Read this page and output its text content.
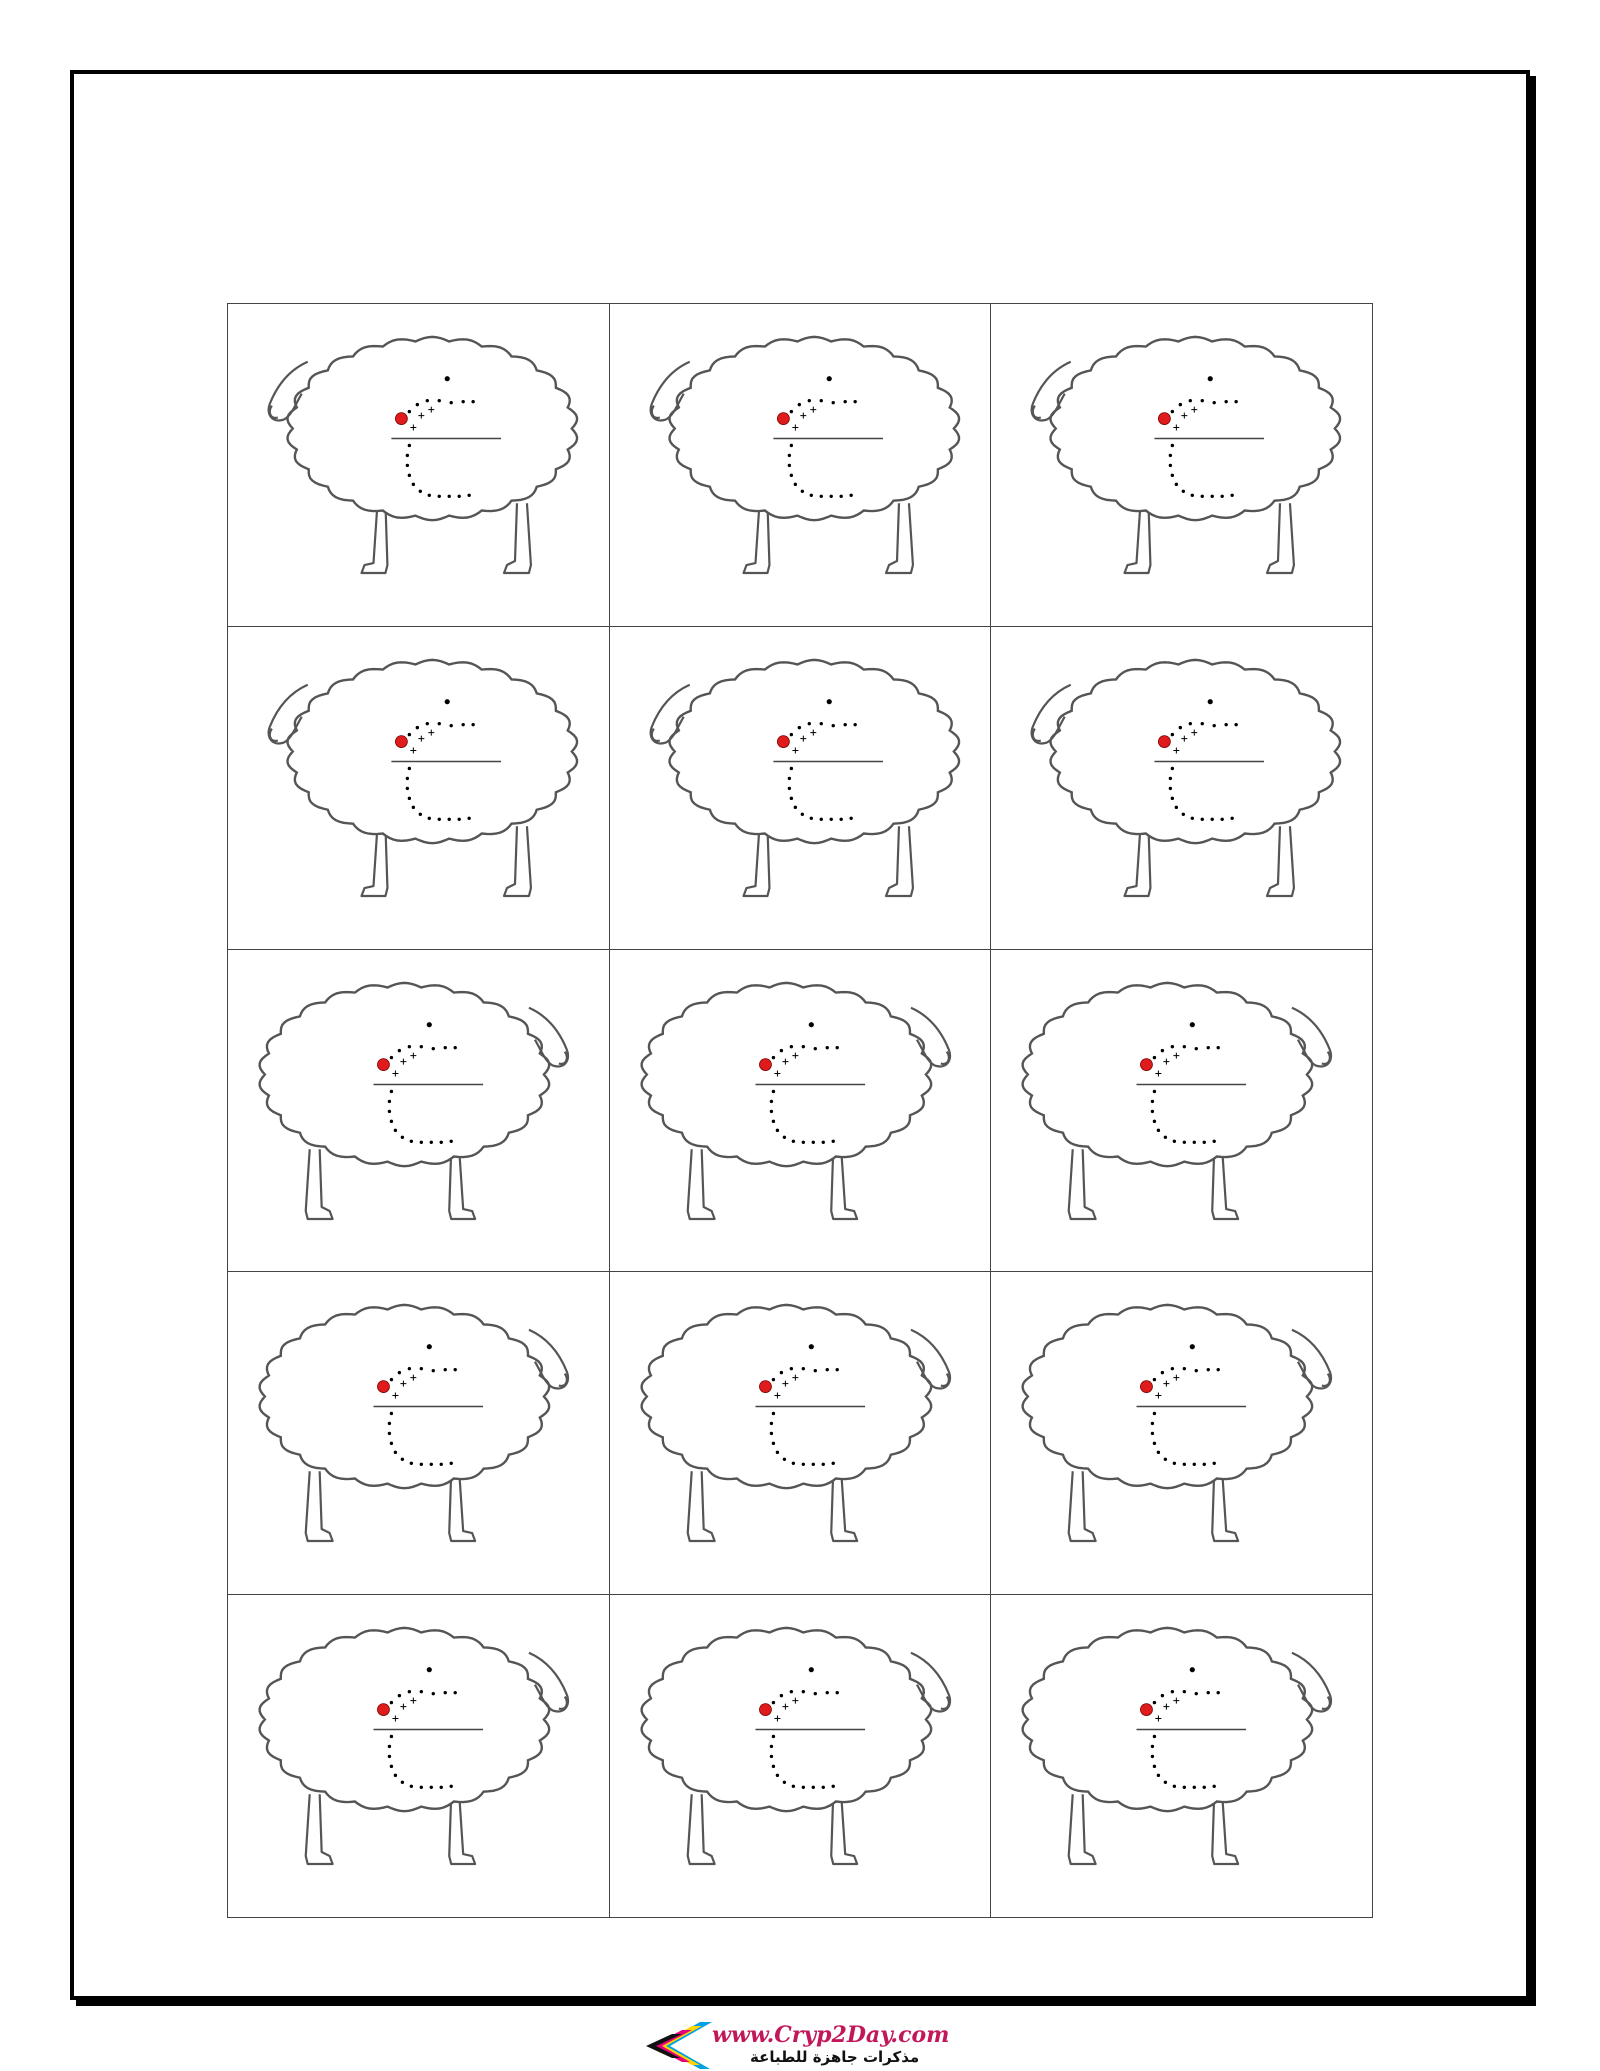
www.Cryp2Day.com
مذكرات جاهزة للطباعة
